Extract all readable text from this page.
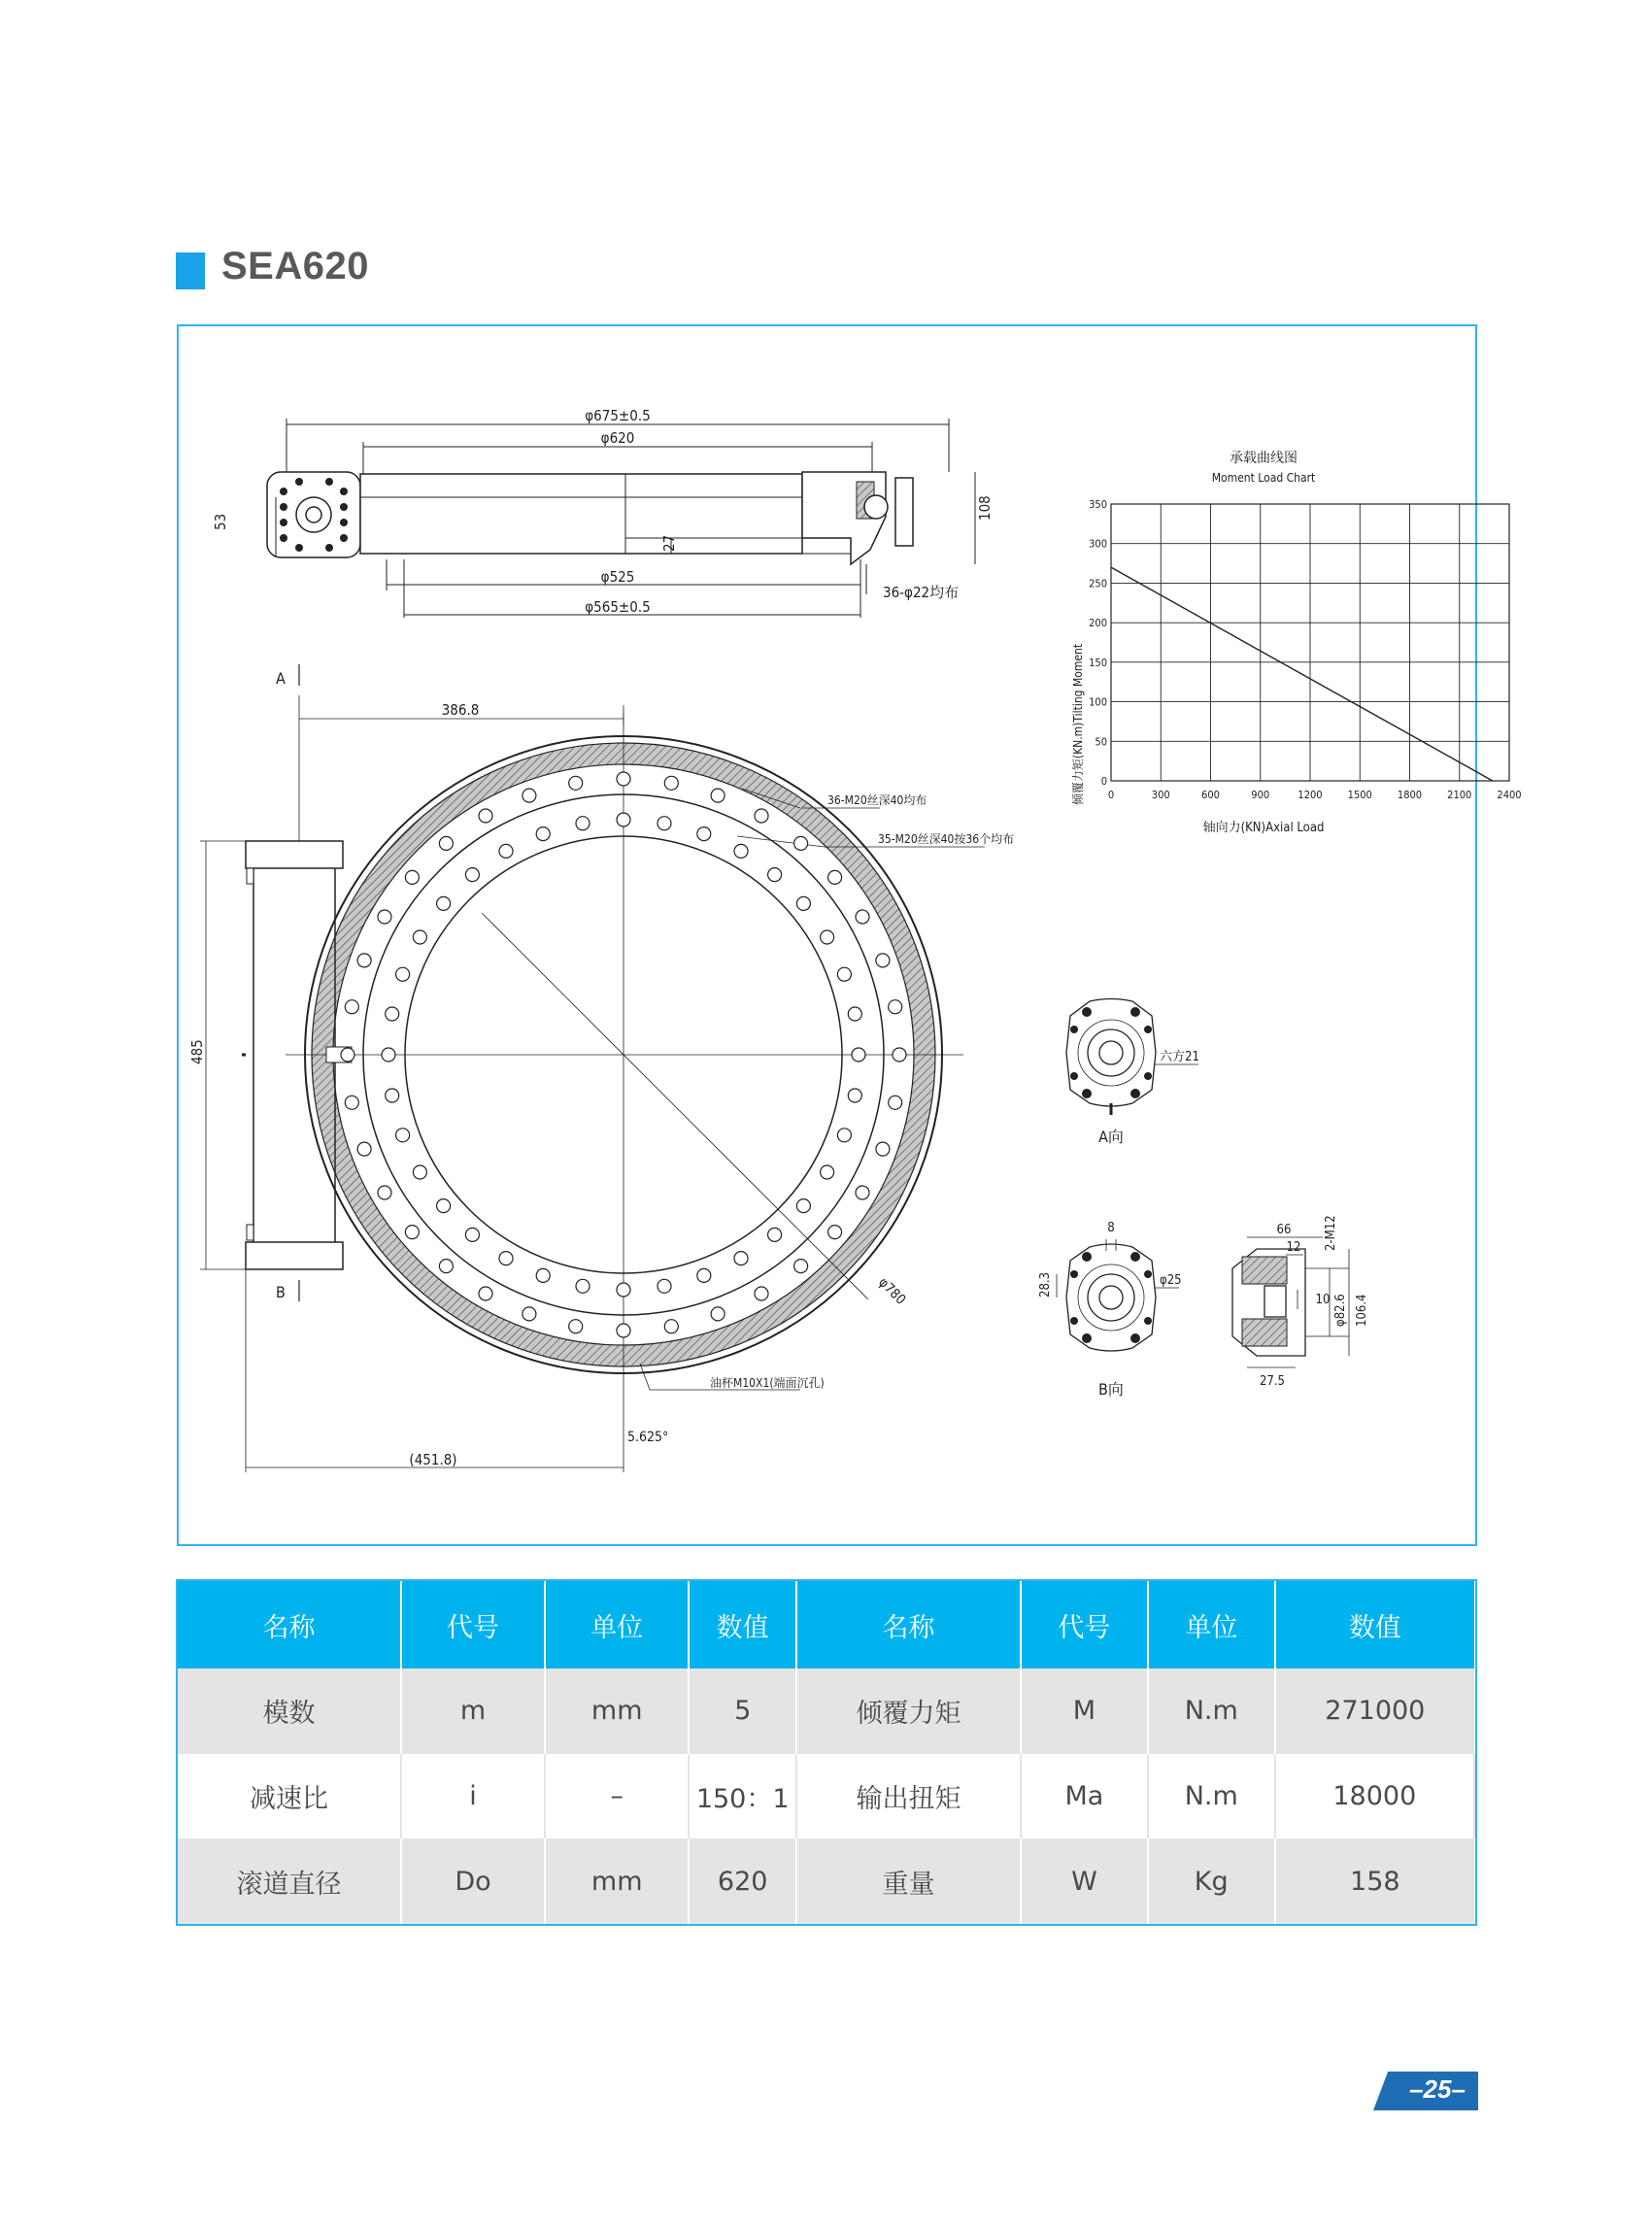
SEA620
φ675±0.5
φ620
φ525
φ565±0.5
36-φ22均布
108
27
53
A
B
386.8
485
(451.8)
36-M20丝深40均布
35-M20丝深40按36个均布
φ780
油杯M10X1(端面沉孔)
5.625°
承载曲线图
Moment Load Chart
0	300	600	900	1200 1500 1800 2100 2400
0
50
100
150
200
250
300
350
轴向力(KN)Axial Load
倾覆力矩(KN.m)Tilting Moment
六方21
A向
8
28.3	φ25
B向
66
12 2-M12
10 φ82.6 106.4
27.5
名称	代号	单位	数值	名称	代号	单位	数值
模数	m	mm	5	倾覆力矩	M	N.m	271000
减速比	i	–	150：1	输出扭矩	Ma	N.m	18000
滚道直径	Do	mm	620	重量	W	Kg	158
–25–
